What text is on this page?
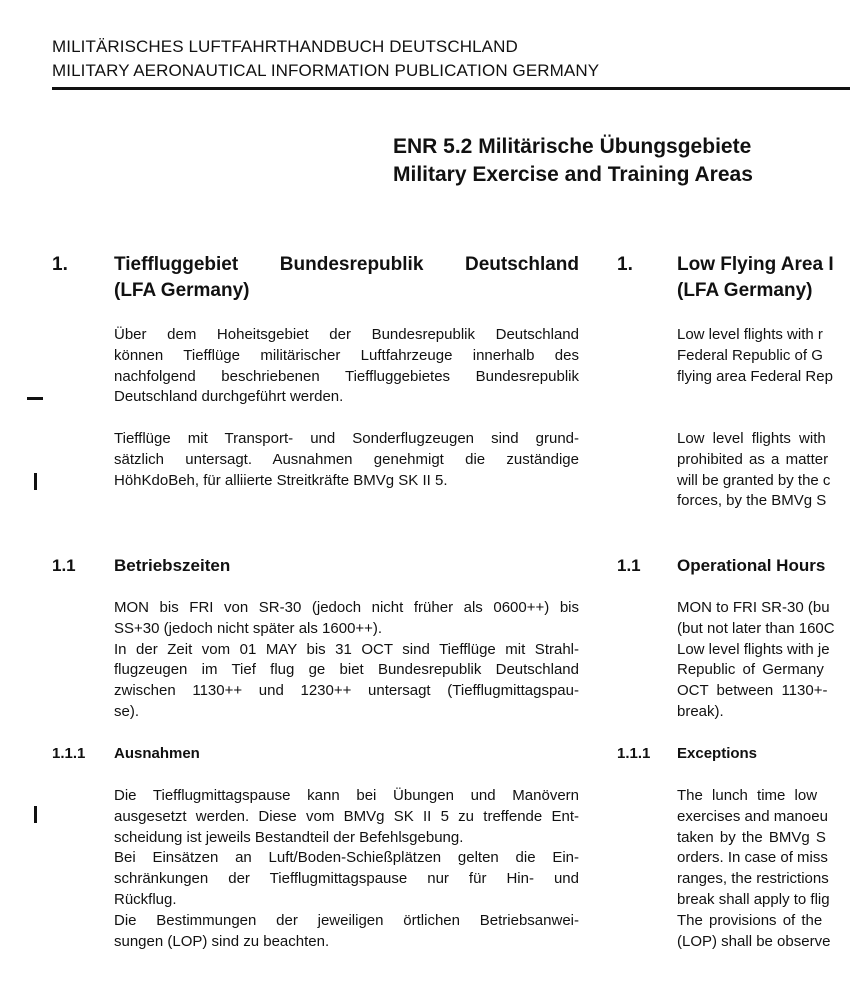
MILITÄRISCHES LUFTFAHRTHANDBUCH DEUTSCHLAND
MILITARY AERONAUTICAL INFORMATION PUBLICATION GERMANY
ENR 5.2 Militärische Übungsgebiete
Military Exercise and Training Areas
1. Tieffluggebiet Bundesrepublik Deutschland
(LFA Germany)
Über dem Hoheitsgebiet der Bundesrepublik Deutschland
können Tiefflüge militärischer Luftfahrzeuge innerhalb des
nachfolgend beschriebenen Tieffluggebietes Bundesrepublik
Deutschland durchgeführt werden.
Tiefflüge mit Transport- und Sonderflugzeugen sind grund-
sätzlich untersagt. Ausnahmen genehmigt die zuständige
HöhKdoBeh, für alliierte Streitkräfte BMVg SK II 5.
1.1 Betriebszeiten
MON bis FRI von SR-30 (jedoch nicht früher als 0600++) bis
SS+30 (jedoch nicht später als 1600++).
In der Zeit vom 01 MAY bis 31 OCT sind Tiefflüge mit Strahl-
flugzeugen im Tief flug ge biet Bundesrepublik Deutschland
zwischen 1130++ und 1230++ untersagt (Tiefflugmittagspau-
se).
1.1.1 Ausnahmen
Die Tiefflugmittagspause kann bei Übungen und Manövern
ausgesetzt werden. Diese vom BMVg SK II 5 zu treffende Ent-
scheidung ist jeweils Bestandteil der Befehlsgebung.
Bei Einsätzen an Luft/Boden-Schießplätzen gelten die Ein-
schränkungen der Tiefflugmittagspause nur für Hin- und
Rückflug.
Die Bestimmungen der jeweiligen örtlichen Betriebsanwei-
sungen (LOP) sind zu beachten.
1. Low Flying Area I
(LFA Germany)
Low level flights with r
Federal Republic of G
flying area Federal Rep
Low level flights with
prohibited as a matter
will be granted by the c
forces, by the BMVg S
1.1 Operational Hours
MON to FRI SR-30 (bu
(but not later than 160C
Low level flights with je
Republic of Germany
OCT between 1130+-
break).
1.1.1 Exceptions
The lunch time low
exercises and manoeu
taken by the BMVg S
orders. In case of miss
ranges, the restrictions
break shall apply to flig
The provisions of the
(LOP) shall be observe
